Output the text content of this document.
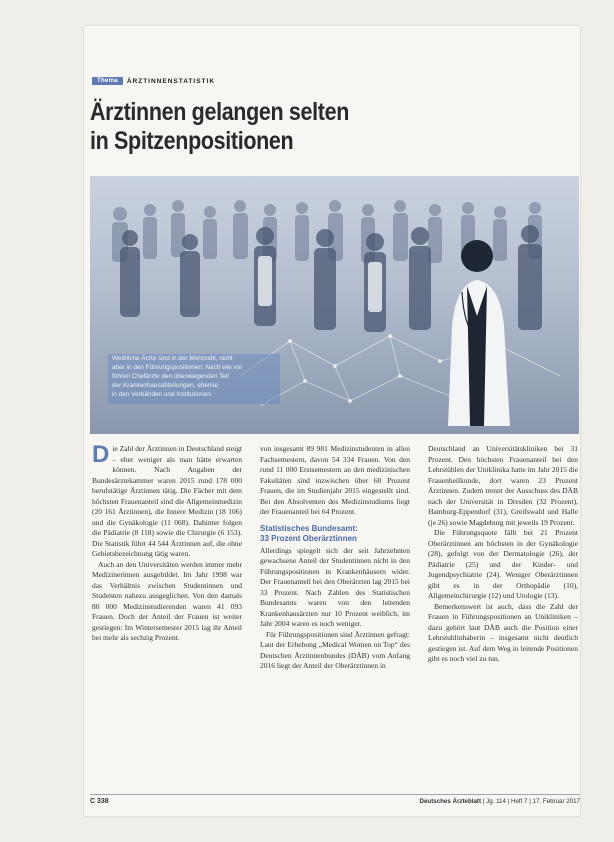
Thema	ÄRZTINNENSTATISTIK
Ärztinnen gelangen selten
in Spitzenpositionen
Weibliche Ärzte sind in der Mehrzahl, nicht
aber in den Führungspositionen: Nach wie vor
führen Chefärzte den überwiegenden Teil
der Krankenhausabteilungen, ebenso
in den Verbänden und Institutionen.

Die Zahl der Ärztinnen in Deutschland steigt – eher weniger als man hätte erwarten können. Nach Angaben der Bundesärztekammer waren 2015 rund 178 000 berufstätige Ärztinnen tätig. Die Fächer mit dem höchsten Frauenanteil sind die Allgemeinmedizin (20 161 Ärztinnen), die Innere Medizin (18 106) und die Gynäkologie (11 068). Dahinter folgen die Pädiatrie (8 118) sowie die Chirurgie (6 153). Die Statistik führt 44 544 Ärztinnen auf, die ohne Gebietsbezeichnung tätig waren.

Auch an den Universitäten werden immer mehr Medizinerinnen ausgebildet. Im Jahr 1998 war das Verhältnis zwischen Studentinnen und Studenten nahezu ausgeglichen. Von den damals 80 000 Medizinstudierenden waren 41 093 Frauen. Doch der Anteil der Frauen ist weiter gestiegen: Im Wintersemester 2015 lag ihr Anteil bei mehr als sechzig Prozent.

von insgesamt 89 981 Medizinstudenten in allen Fachsemestern, davon 54 334 Frauen. Von den rund 11 000 Erstsemestern an den medizinischen Fakultäten sind inzwischen über 60 Prozent Frauen, die im Studienjahr 2015 eingestellt sind. Bei den Absolventen des Medizinstudiums liegt der Frauenanteil bei 64 Prozent.

Statistisches Bundesamt:
33 Prozent Oberärztinnen

Allerdings spiegelt sich der seit Jahrzehnten gewachsene Anteil der Studentinnen nicht in den Führungspositionen in Krankenhäusern wider. Der Frauenanteil bei den Oberärzten lag 2015 bei 33 Prozent. Nach Zahlen des Statistischen Bundesamts waren von den leitenden Krankenhausärzten nur 10 Prozent weiblich, im Jahr 2004 waren es noch weniger.

Für Führungspositionen sind Ärztinnen gefragt: Laut der Erhebung „Medical Women on Top“ des Deutschen Ärztinnenbundes (DÄB) vom Anfang 2016 liegt der Anteil der Oberärztinnen in

Deutschland an Universitätskliniken bei 31 Prozent. Den höchsten Frauenanteil bei den Lehrstühlen der Uniklinika hatte im Jahr 2015 die Frauenheilkunde, dort waren 23 Prozent Ärztinnen. Zudem trennt der Ausschuss des DÄB nach der Universität in Dresden (32 Prozent), Hamburg-Eppendorf (31), Greifswald und Halle (je 26) sowie Magdeburg mit jeweils 19 Prozent.

Die Führungsquote fällt bei 21 Prozent Oberärztinnen am höchsten in der Gynäkologie (28), gefolgt von der Dermatologie (26), der Pädiatrie (25) und der Kinder- und Jugendpsychiatrie (24). Weniger Oberärztinnen gibt es in der Orthopädie (10), Allgemeinchirurgie (12) und Urologie (13).

Bemerkenswert ist auch, dass die Zahl der Frauen in Führungspositionen an Unikliniken – dazu gehört laut DÄB auch die Position einer Lehrstuhlinhaberin – insgesamt nicht deutlich gestiegen ist. Auf dem Weg in leitende Positionen gibt es noch viel zu tun.

C 338	Deutsches Ärzteblatt | Jg. 114 | Heft 7 | 17. Februar 2017
